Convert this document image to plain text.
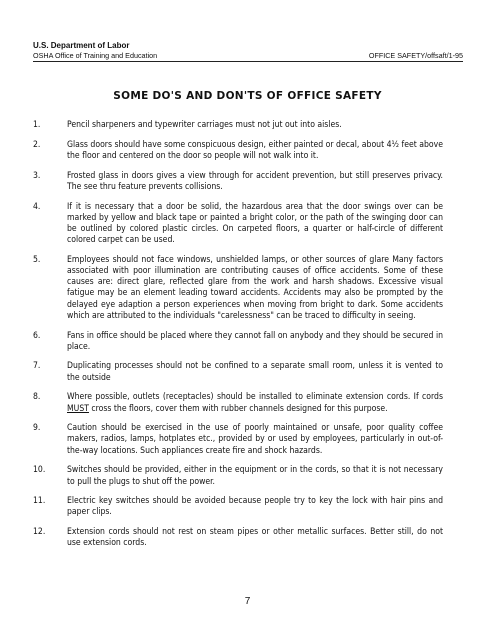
U.S. Department of Labor
OSHA Office of Training and Education	OFFICE SAFETY/offsaft/1-95
SOME DO'S AND DON'TS OF OFFICE SAFETY
1.	Pencil sharpeners and typewriter carriages must not jut out into aisles.
2.	Glass doors should have some conspicuous design, either painted or decal, about 4½ feet above the floor and centered on the door so people will not walk into it.
3.	Frosted glass in doors gives a view through for accident prevention, but still preserves privacy. The see thru feature prevents collisions.
4.	If it is necessary that a door be solid, the hazardous area that the door swings over can be marked by yellow and black tape or painted a bright color, or the path of the swinging door can be outlined by colored plastic circles. On carpeted floors, a quarter or half-circle of different colored carpet can be used.
5.	Employees should not face windows, unshielded lamps, or other sources of glare Many factors associated with poor illumination are contributing causes of office accidents. Some of these causes are: direct glare, reflected glare from the work and harsh shadows. Excessive visual fatigue may be an element leading toward accidents. Accidents may also be prompted by the delayed eye adaption a person experiences when moving from bright to dark. Some accidents which are attributed to the individuals "carelessness" can be traced to difficulty in seeing.
6.	Fans in office should be placed where they cannot fall on anybody and they should be secured in place.
7.	Duplicating processes should not be confined to a separate small room, unless it is vented to the outside
8.	Where possible, outlets (receptacles) should be installed to eliminate extension cords. If cords MUST cross the floors, cover them with rubber channels designed for this purpose.
9.	Caution should be exercised in the use of poorly maintained or unsafe, poor quality coffee makers, radios, lamps, hotplates etc., provided by or used by employees, particularly in out-of-the-way locations. Such appliances create fire and shock hazards.
10.	Switches should be provided, either in the equipment or in the cords, so that it is not necessary to pull the plugs to shut off the power.
11.	Electric key switches should be avoided because people try to key the lock with hair pins and paper clips.
12.	Extension cords should not rest on steam pipes or other metallic surfaces. Better still, do not use extension cords.
7
